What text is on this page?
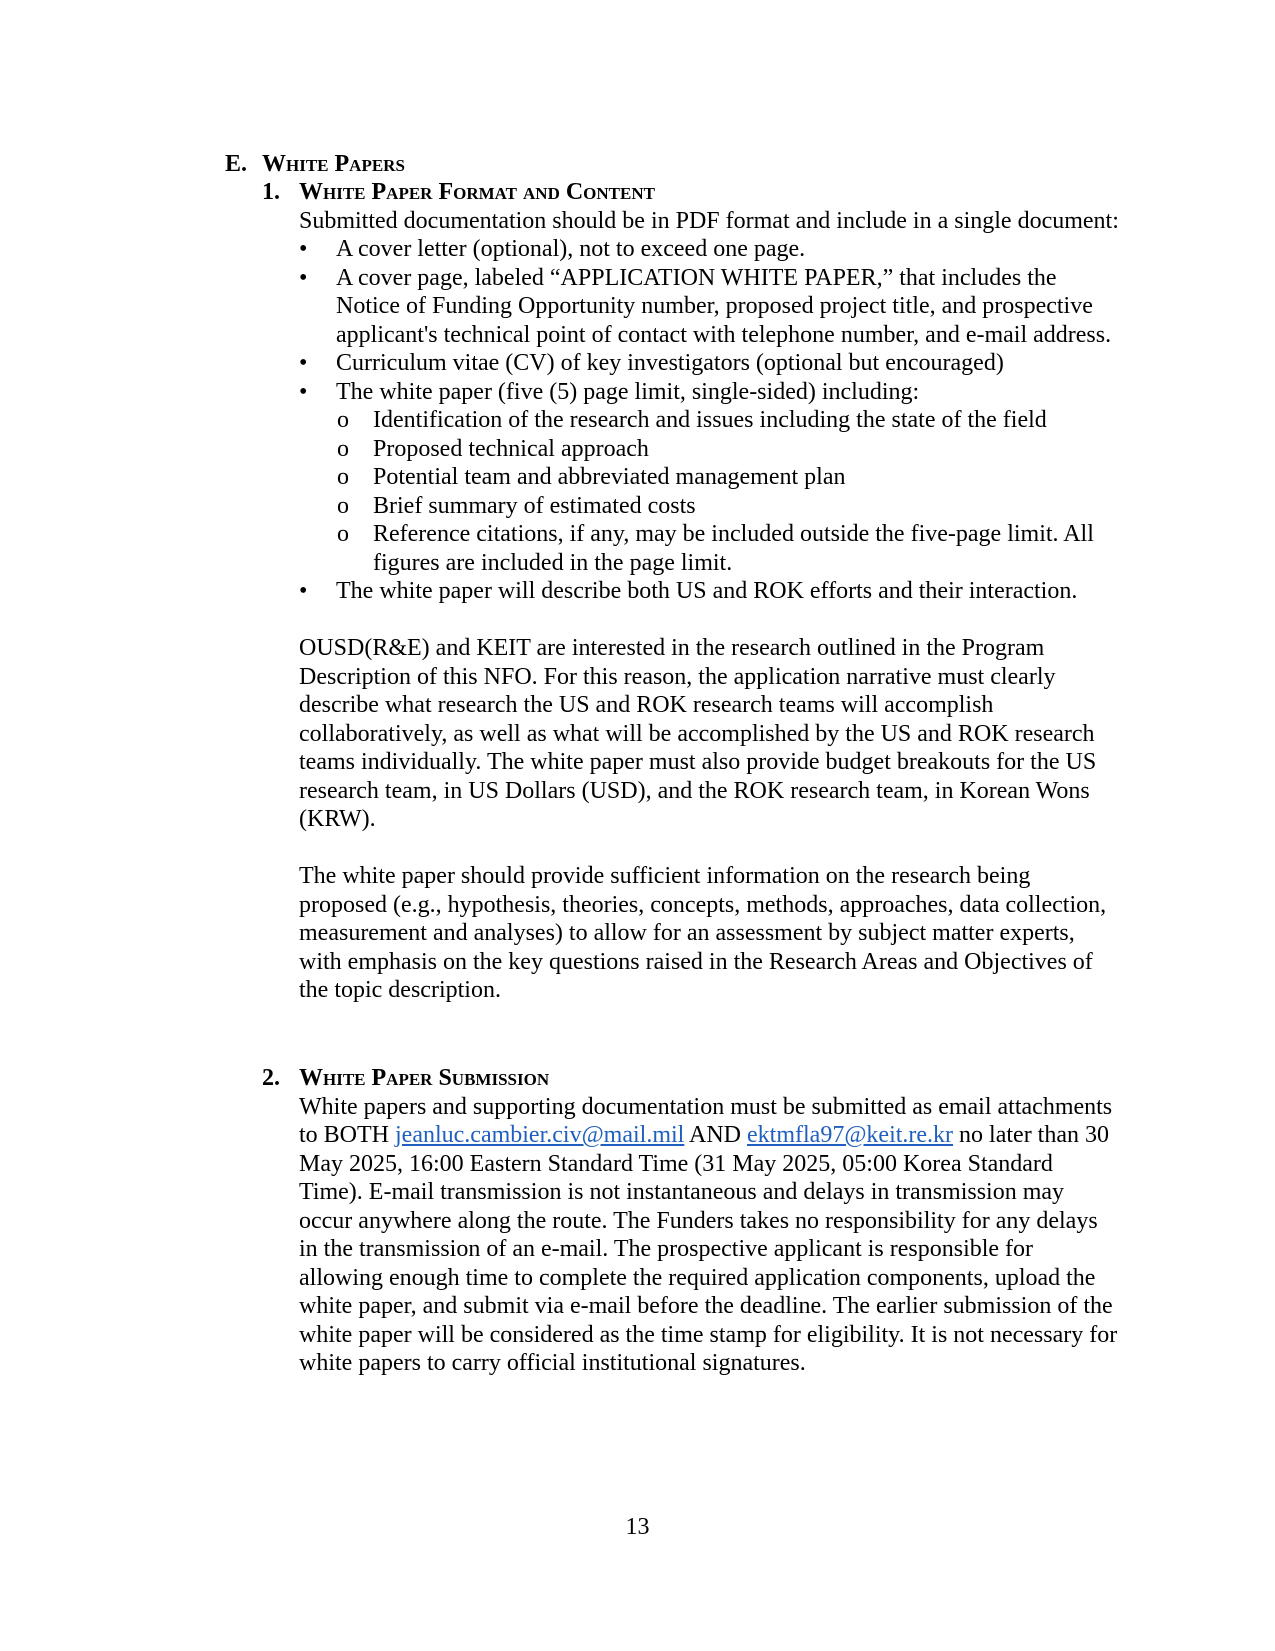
E. White Papers
1. White Paper Format and Content

Submitted documentation should be in PDF format and include in a single document:

•	A cover letter (optional), not to exceed one page.
•	A cover page, labeled “APPLICATION WHITE PAPER,” that includes the Notice of Funding Opportunity number, proposed project title, and prospective applicant's technical point of contact with telephone number, and e-mail address.
•	Curriculum vitae (CV) of key investigators (optional but encouraged)
•	The white paper (five (5) page limit, single-sided) including:
o Identification of the research and issues including the state of the field
o Proposed technical approach
o Potential team and abbreviated management plan
o Brief summary of estimated costs
o Reference citations, if any, may be included outside the five-page limit. All figures are included in the page limit.
•	The white paper will describe both US and ROK efforts and their interaction.

OUSD(R&E) and KEIT are interested in the research outlined in the Program Description of this NFO. For this reason, the application narrative must clearly describe what research the US and ROK research teams will accomplish collaboratively, as well as what will be accomplished by the US and ROK research teams individually. The white paper must also provide budget breakouts for the US research team, in US Dollars (USD), and the ROK research team, in Korean Wons (KRW).

The white paper should provide sufficient information on the research being proposed (e.g., hypothesis, theories, concepts, methods, approaches, data collection, measurement and analyses) to allow for an assessment by subject matter experts, with emphasis on the key questions raised in the Research Areas and Objectives of the topic description.

2. White Paper Submission

White papers and supporting documentation must be submitted as email attachments to BOTH jeanluc.cambier.civ@mail.mil AND ektmfla97@keit.re.kr no later than 30 May 2025, 16:00 Eastern Standard Time (31 May 2025, 05:00 Korea Standard Time). E-mail transmission is not instantaneous and delays in transmission may occur anywhere along the route. The Funders takes no responsibility for any delays in the transmission of an e-mail. The prospective applicant is responsible for allowing enough time to complete the required application components, upload the white paper, and submit via e-mail before the deadline. The earlier submission of the white paper will be considered as the time stamp for eligibility. It is not necessary for white papers to carry official institutional signatures.

13
